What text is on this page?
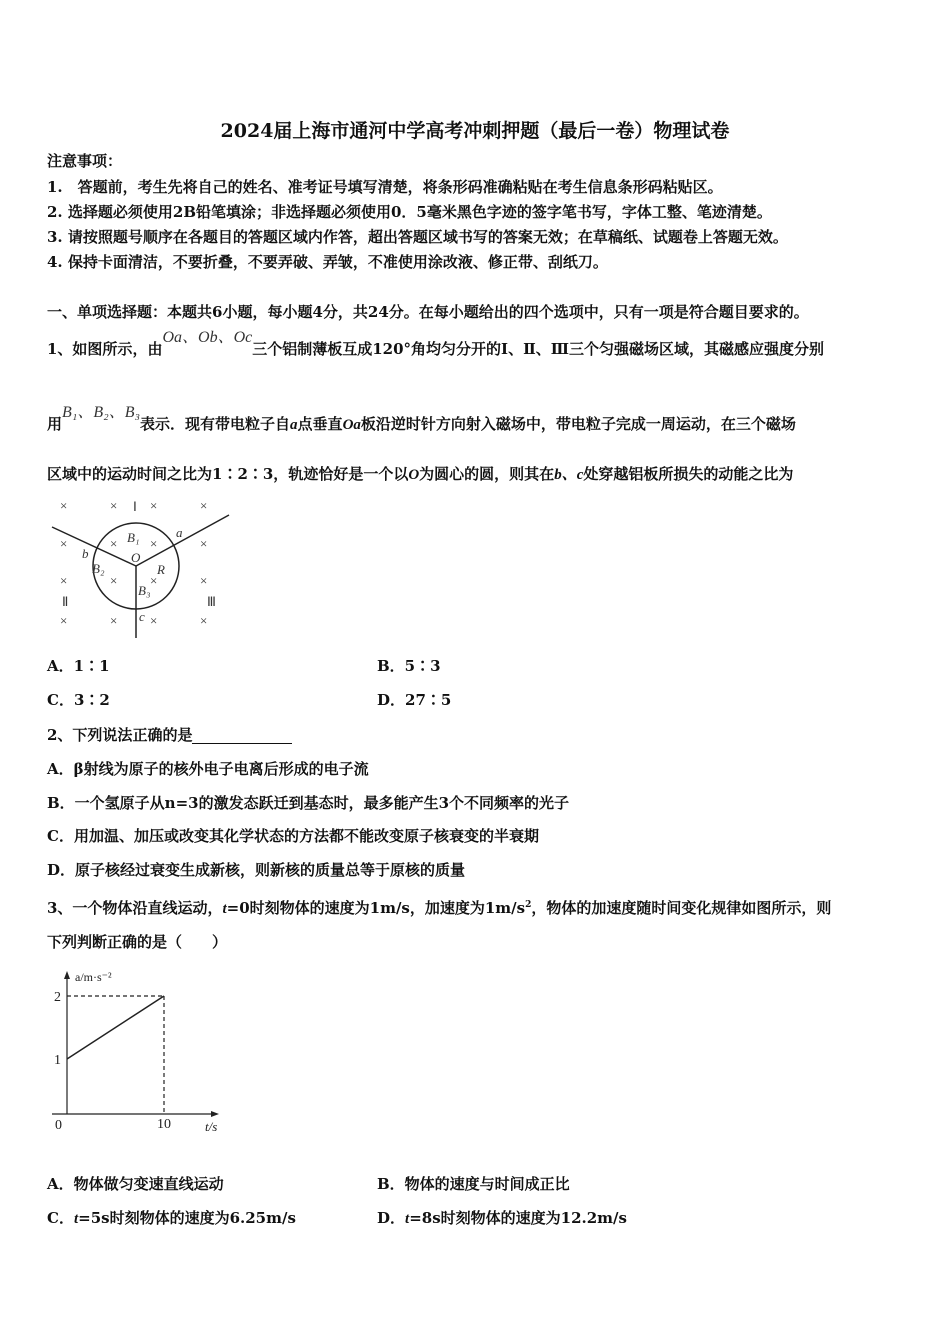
2024届上海市通河中学高考冲刺押题（最后一卷）物理试卷
注意事项：
1.　答题前，考生先将自己的姓名、准考证号填写清楚，将条形码准确粘贴在考生信息条形码粘贴区。
2. 选择题必须使用2B铅笔填涂；非选择题必须使用0．5毫米黑色字迹的签字笔书写，字体工整、笔迹清楚。
3. 请按照题号顺序在各题目的答题区域内作答，超出答题区域书写的答案无效；在草稿纸、试题卷上答题无效。
4. 保持卡面清洁，不要折叠，不要弄破、弄皱，不准使用涂改液、修正带、刮纸刀。
一、单项选择题：本题共6小题，每小题4分，共24分。在每小题给出的四个选项中，只有一项是符合题目要求的。
1、如图所示，由Oa、Ob、Oc三个铝制薄板互成120°角均匀分开的Ⅰ、Ⅱ、Ⅲ三个匀强磁场区域，其磁感应强度分别
用B₁、B₂、B₃表示．现有带电粒子自a点垂直Oa板沿逆时针方向射入磁场中，带电粒子完成一周运动，在三个磁场
区域中的运动时间之比为1∶2∶3，轨迹恰好是一个以O为圆心的圆，则其在b、c处穿越铝板所损失的动能之比为
×	×	×	×
×	×	×	×
×	×	×	×
×	×	×	×
Ⅰ
Ⅱ	Ⅲ
B₁
B₂
B₃
O
R
a
b
c
A．1∶1	B．5∶3
C．3∶2	D．27∶5
2、下列说法正确的是
A．β射线为原子的核外电子电离后形成的电子流
B．一个氢原子从n=3的激发态跃迁到基态时，最多能产生3个不同频率的光子
C．用加温、加压或改变其化学状态的方法都不能改变原子核衰变的半衰期
D．原子核经过衰变生成新核，则新核的质量总等于原核的质量
3、一个物体沿直线运动，t=0时刻物体的速度为1m/s，加速度为$1m/s^2$，物体的加速度随时间变化规律如图所示，则
下列判断正确的是（　　）
a/m·s⁻²
2
1
0	10	t/s
A．物体做匀变速直线运动	B．物体的速度与时间成正比
C．t=5s时刻物体的速度为6.25m/s	D．t=8s时刻物体的速度为12.2m/s
